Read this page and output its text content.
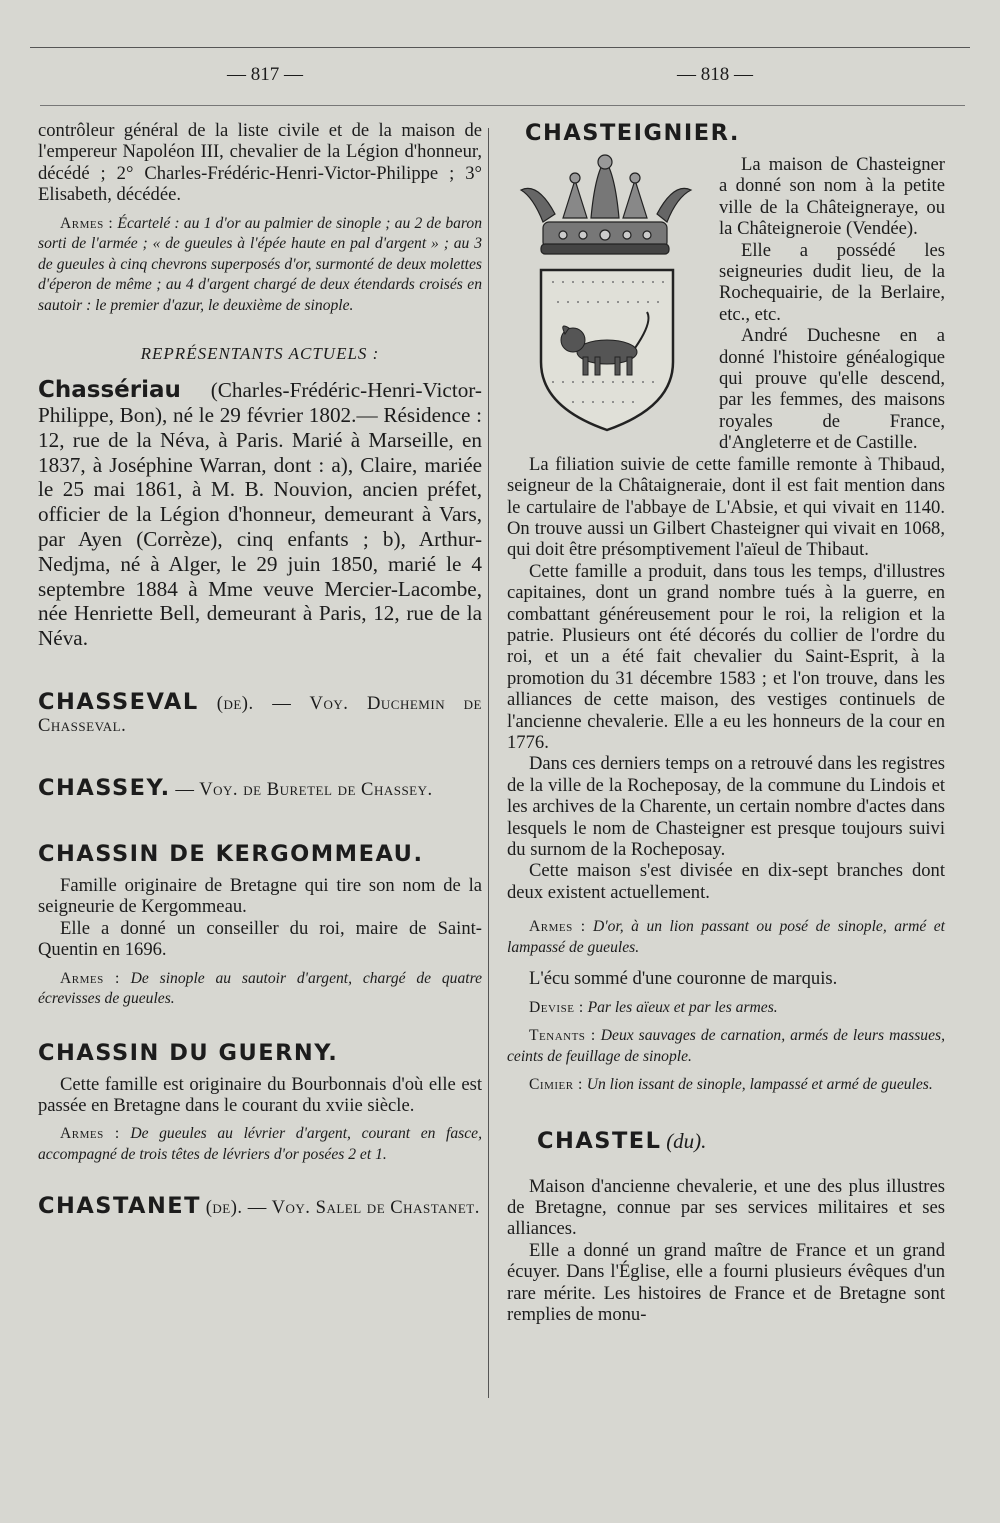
— 817 —	— 818 —

contrôleur général de la liste civile et de la maison de l'empereur Napoléon III, chevalier de la Légion d'honneur, décédé ; 2° Charles-Frédéric-Henri-Victor-Philippe ; 3° Elisabeth, décédée.

Armes : Écartelé : au 1 d'or au palmier de sinople ; au 2 de baron sorti de l'armée ; « de gueules à l'épée haute en pal d'argent » ; au 3 de gueules à cinq chevrons superposés d'or, surmonté de deux molettes d'éperon de même ; au 4 d'argent chargé de deux étendards croisés en sautoir : le premier d'azur, le deuxième de sinople.

REPRÉSENTANTS ACTUELS :

Chassériau (Charles-Frédéric-Henri-Victor-Philippe, Bon), né le 29 février 1802.— Résidence : 12, rue de la Néva, à Paris. Marié à Marseille, en 1837, à Joséphine Warran, dont : a), Claire, mariée le 25 mai 1861, à M. B. Nouvion, ancien préfet, officier de la Légion d'honneur, demeurant à Vars, par Ayen (Corrèze), cinq enfants ; b), Arthur-Nedjma, né à Alger, le 29 juin 1850, marié le 4 septembre 1884 à Mme veuve Mercier-Lacombe, née Henriette Bell, demeurant à Paris, 12, rue de la Néva.

CHASSEVAL (de). — Voy. Duchemin de Chasseval.

CHASSEY. — Voy. de Buretel de Chassey.

CHASSIN DE KERGOMMEAU.

Famille originaire de Bretagne qui tire son nom de la seigneurie de Kergommeau.

Elle a donné un conseiller du roi, maire de Saint-Quentin en 1696.

Armes : De sinople au sautoir d'argent, chargé de quatre écrevisses de gueules.

CHASSIN DU GUERNY.

Cette famille est originaire du Bourbonnais d'où elle est passée en Bretagne dans le courant du xviie siècle.

Armes : De gueules au lévrier d'argent, courant en fasce, accompagné de trois têtes de lévriers d'or posées 2 et 1.

CHASTANET (de). — Voy. Salel de Chastanet.

CHASTEIGNIER.

La maison de Chasteigner a donné son nom à la petite ville de la Châteigneraye, ou la Châteigneroie (Vendée).

Elle a possédé les seigneuries dudit lieu, de la Rochequairie, de la Berlaire, etc., etc.

André Duchesne en a donné l'histoire généalogique qui prouve qu'elle descend, par les femmes, des maisons royales de France, d'Angleterre et de Castille.

La filiation suivie de cette famille remonte à Thibaud, seigneur de la Châtaigneraie, dont il est fait mention dans le cartulaire de l'abbaye de L'Absie, et qui vivait en 1140. On trouve aussi un Gilbert Chasteigner qui vivait en 1068, qui doit être présomptivement l'aïeul de Thibaut.

Cette famille a produit, dans tous les temps, d'illustres capitaines, dont un grand nombre tués à la guerre, en combattant généreusement pour le roi, la religion et la patrie. Plusieurs ont été décorés du collier de l'ordre du roi, et un a été fait chevalier du Saint-Esprit, à la promotion du 31 décembre 1583 ; et l'on trouve, dans les alliances de cette maison, des vestiges continuels de l'ancienne chevalerie. Elle a eu les honneurs de la cour en 1776.

Dans ces derniers temps on a retrouvé dans les registres de la ville de la Rocheposay, de la commune du Lindois et les archives de la Charente, un certain nombre d'actes dans lesquels le nom de Chasteigner est presque toujours suivi du surnom de la Rocheposay.

Cette maison s'est divisée en dix-sept branches dont deux existent actuellement.

Armes : D'or, à un lion passant ou posé de sinople, armé et lampassé de gueules.

L'écu sommé d'une couronne de marquis.

Devise : Par les aïeux et par les armes.

Tenants : Deux sauvages de carnation, armés de leurs massues, ceints de feuillage de sinople.

Cimier : Un lion issant de sinople, lampassé et armé de gueules.

CHASTEL (du).

Maison d'ancienne chevalerie, et une des plus illustres de Bretagne, connue par ses services militaires et ses alliances.

Elle a donné un grand maître de France et un grand écuyer. Dans l'Église, elle a fourni plusieurs évêques d'un rare mérite. Les histoires de France et de Bretagne sont remplies de monu-
